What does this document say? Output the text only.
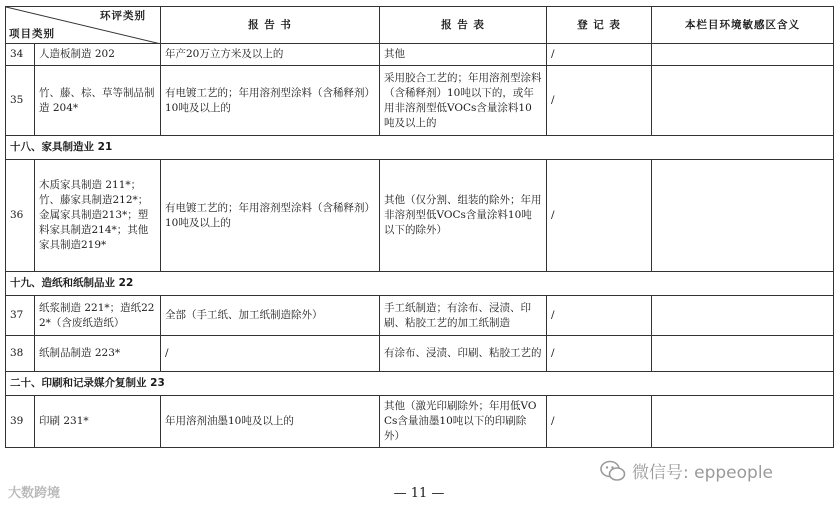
环评类别
项目类别		报 告 书	报 告 表	登 记 表	本栏目环境敏感区含义
34	人造板制造 202	年产20万立方米及以上的	其他	/	
35	竹、藤、棕、草等制品制造 204*	有电镀工艺的；年用溶剂型涂料（含稀释剂）10吨及以上的	采用胶合工艺的；年用溶剂型涂料（含稀释剂）10吨以下的，或年用非溶剂型低VOCs含量涂料10吨及以上的	/	
十八、家具制造业 21					
36	木质家具制造 211*；竹、藤家具制造212*；金属家具制造213*；塑料家具制造214*；其他家具制造219*	有电镀工艺的；年用溶剂型涂料（含稀释剂）10吨及以上的	其他（仅分割、组装的除外；年用非溶剂型低VOCs含量涂料10吨以下的除外）	/	
十九、造纸和纸制品业 22					
37	纸浆制造 221*；造纸222*（含废纸造纸）	全部（手工纸、加工纸制造除外）	手工纸制造；有涂布、浸渍、印刷、粘胶工艺的加工纸制造	/	
38	纸制品制造 223*	/	有涂布、浸渍、印刷、粘胶工艺的	/	
二十、印刷和记录媒介复制业 23					
39	印刷 231*	年用溶剂油墨10吨及以上的	其他（激光印刷除外；年用低VOCs含量油墨10吨以下的印刷除外）	/	
微信号: eppeople
大数跨境	— 11 —
